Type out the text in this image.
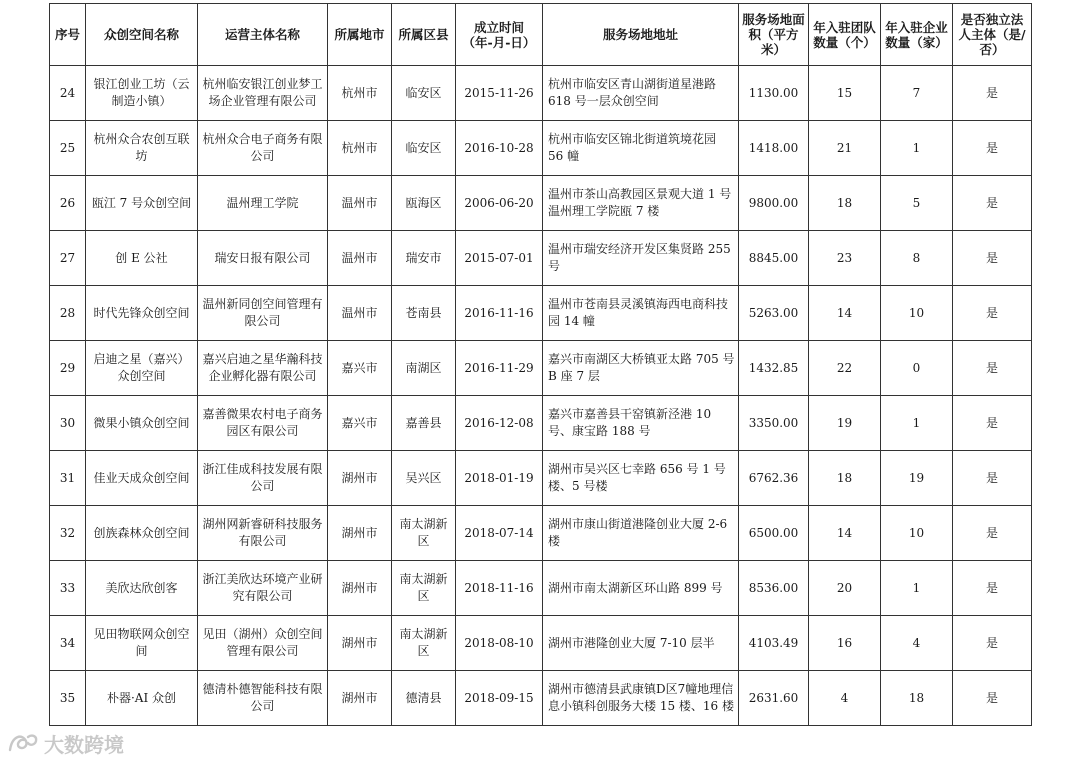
序号	众创空间名称	运营主体名称	所属地市	所属区县	成立时间（年-月-日）	服务场地地址	服务场地面积（平方米）	年入驻团队数量（个）	年入驻企业数量（家）	是否独立法人主体（是/否）
24	银江创业工坊（云制造小镇）	杭州临安银江创业梦工场企业管理有限公司	杭州市	临安区	2015-11-26	杭州市临安区青山湖街道星港路 618 号一层众创空间	1130.00	15	7	是
25	杭州众合农创互联坊	杭州众合电子商务有限公司	杭州市	临安区	2016-10-28	杭州市临安区锦北街道筑境花园 56 幢	1418.00	21	1	是
26	瓯江 7 号众创空间	温州理工学院	温州市	瓯海区	2006-06-20	温州市茶山高教园区景观大道 1 号温州理工学院瓯 7 楼	9800.00	18	5	是
27	创 E 公社	瑞安日报有限公司	温州市	瑞安市	2015-07-01	温州市瑞安经济开发区集贤路 255 号	8845.00	23	8	是
28	时代先锋众创空间	温州新同创空间管理有限公司	温州市	苍南县	2016-11-16	温州市苍南县灵溪镇海西电商科技园 14 幢	5263.00	14	10	是
29	启迪之星（嘉兴）众创空间	嘉兴启迪之星华瀚科技企业孵化器有限公司	嘉兴市	南湖区	2016-11-29	嘉兴市南湖区大桥镇亚太路 705 号 B 座 7 层	1432.85	22	0	是
30	微果小镇众创空间	嘉善微果农村电子商务园区有限公司	嘉兴市	嘉善县	2016-12-08	嘉兴市嘉善县干窑镇新泾港 10 号、康宝路 188 号	3350.00	19	1	是
31	佳业天成众创空间	浙江佳成科技发展有限公司	湖州市	吴兴区	2018-01-19	湖州市吴兴区七幸路 656 号 1 号楼、5 号楼	6762.36	18	19	是
32	创族森林众创空间	湖州网新睿研科技服务有限公司	湖州市	南太湖新区	2018-07-14	湖州市康山街道港隆创业大厦 2-6 楼	6500.00	14	10	是
33	美欣达欣创客	浙江美欣达环境产业研究有限公司	湖州市	南太湖新区	2018-11-16	湖州市南太湖新区环山路 899 号	8536.00	20	1	是
34	见田物联网众创空间	见田（湖州）众创空间管理有限公司	湖州市	南太湖新区	2018-08-10	湖州市港隆创业大厦 7-10 层半	4103.49	16	4	是
35	朴器·AI 众创	德清朴德智能科技有限公司	湖州市	德清县	2018-09-15	湖州市德清县武康镇D区7幢地理信息小镇科创服务大楼 15 楼、16 楼	2631.60	4	18	是
大数跨境
